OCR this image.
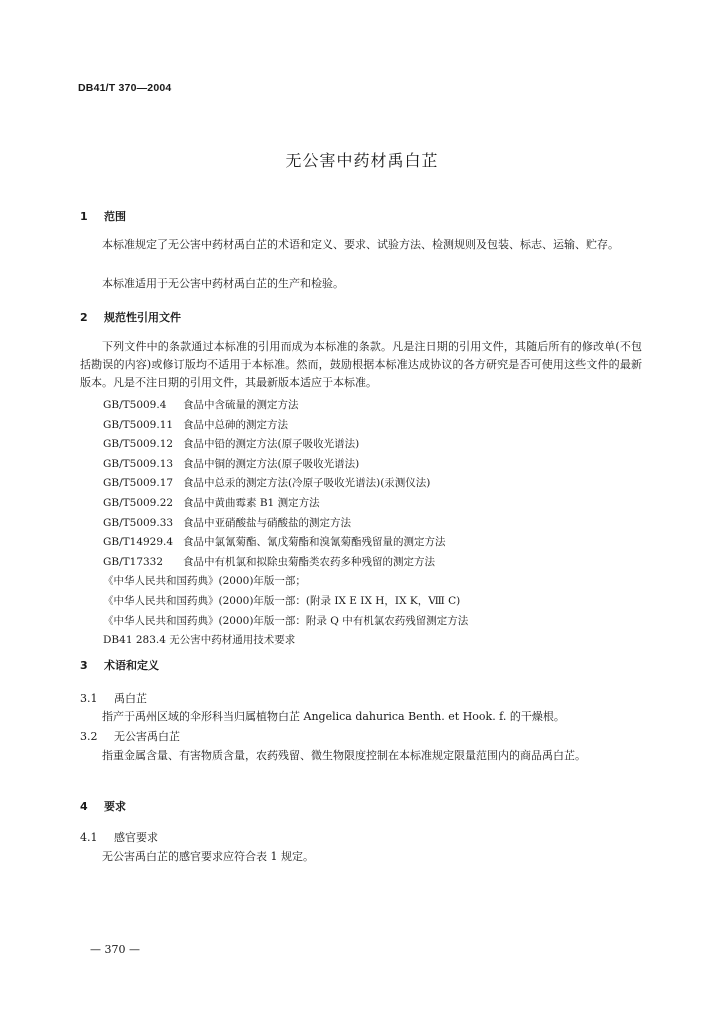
DB41/T 370—2004
无公害中药材禹白芷
1 范围
本标准规定了无公害中药材禹白芷的术语和定义、要求、试验方法、检测规则及包装、标志、运输、贮存。
本标准适用于无公害中药材禹白芷的生产和检验。
2 规范性引用文件
下列文件中的条款通过本标准的引用而成为本标准的条款。凡是注日期的引用文件，其随后所有的修改单(不包括勘误的内容)或修订版均不适用于本标准。然而，鼓励根据本标准达成协议的各方研究是否可使用这些文件的最新版本。凡是不注日期的引用文件，其最新版本适应于本标准。
GB/T5009.4 食品中含硫量的测定方法
GB/T5009.11 食品中总砷的测定方法
GB/T5009.12 食品中铅的测定方法(原子吸收光谱法)
GB/T5009.13 食品中铜的测定方法(原子吸收光谱法)
GB/T5009.17 食品中总汞的测定方法(冷原子吸收光谱法)(汞测仪法)
GB/T5009.22 食品中黄曲霉素 B1 测定方法
GB/T5009.33 食品中亚硝酸盐与硝酸盐的测定方法
GB/T14929.4 食品中氯氰菊酯、氰戊菊酯和溴氰菊酯残留量的测定方法
GB/T17332 食品中有机氯和拟除虫菊酯类农药多种残留的测定方法
《中华人民共和国药典》(2000)年版一部；
《中华人民共和国药典》(2000)年版一部：(附录 IX E IX H，IX K，Ⅷ C)
《中华人民共和国药典》(2000)年版一部：附录 Q 中有机氯农药残留测定方法
DB41 283.4 无公害中药材通用技术要求
3 术语和定义
3.1 禹白芷
指产于禹州区域的伞形科当归属植物白芷 Angelica dahurica Benth. et Hook. f. 的干燥根。
3.2 无公害禹白芷
指重金属含量、有害物质含量，农药残留、微生物限度控制在本标准规定限量范围内的商品禹白芷。
4 要求
4.1 感官要求
无公害禹白芷的感官要求应符合表 1 规定。
— 370 —
